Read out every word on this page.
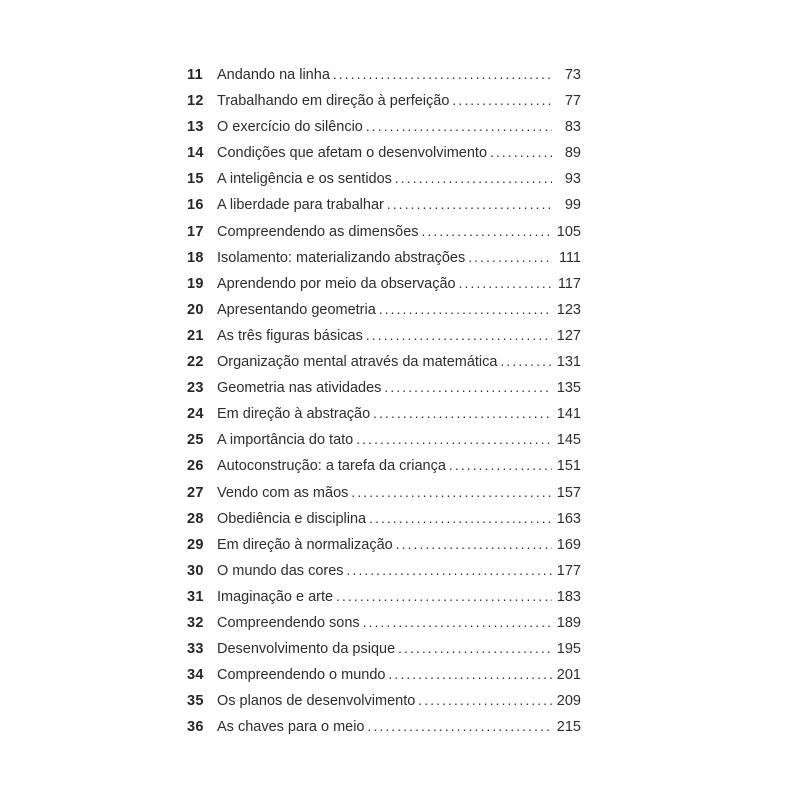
11 Andando na linha .....	73
12 Trabalhando em direção à perfeição .....	77
13 O exercício do silêncio .....	83
14 Condições que afetam o desenvolvimento .....	89
15 A inteligência e os sentidos .....	93
16 A liberdade para trabalhar .....	99
17 Compreendendo as dimensões .....	105
18 Isolamento: materializando abstrações .....	111
19 Aprendendo por meio da observação .....	117
20 Apresentando geometria .....	123
21 As três figuras básicas .....	127
22 Organização mental através da matemática .....	131
23 Geometria nas atividades .....	135
24 Em direção à abstração .....	141
25 A importância do tato .....	145
26 Autoconstrução: a tarefa da criança .....	151
27 Vendo com as mãos .....	157
28 Obediência e disciplina .....	163
29 Em direção à normalização .....	169
30 O mundo das cores .....	177
31 Imaginação e arte .....	183
32 Compreendendo sons .....	189
33 Desenvolvimento da psique .....	195
34 Compreendendo o mundo .....	201
35 Os planos de desenvolvimento .....	209
36 As chaves para o meio .....	215
